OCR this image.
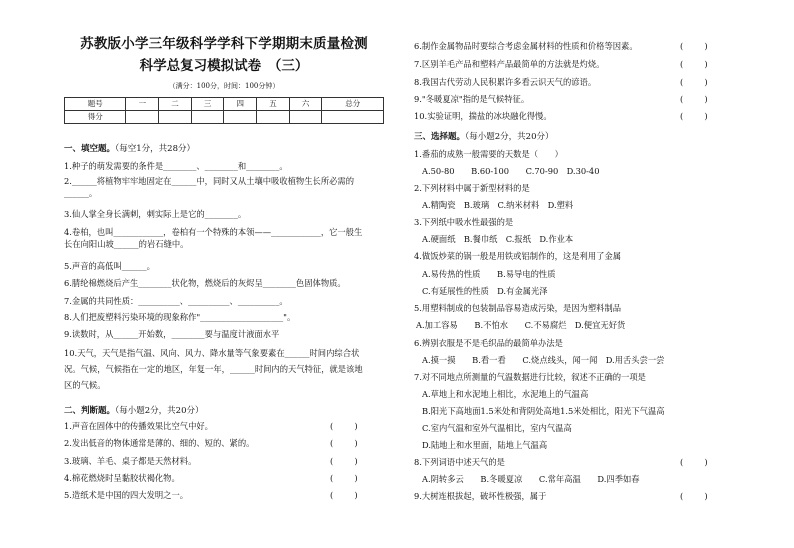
苏教版小学三年级科学学科下学期期末质量检测
科学总复习模拟试卷　（三）
（满分：100分，时间：100分钟）
题号	一	二	三	四	五	六	总分
得分							
一、填空题。（每空1分，共28分）
1.种子的萌发需要的条件是________、________和________。
2.______将植物牢牢地固定在______中，同时又从土壤中吸收植物生长所必需的______。
3.仙人掌全身长满刺，刺实际上是它的________。
4.卷柏，也叫____________，卷柏有一个特殊的本领——____________，它一般生长在向阳山坡______的岩石缝中。
5.声音的高低叫______。
6.腈纶棉燃烧后产生________状化物，燃烧后的灰烬呈________色固体物质。
7.金属的共同性质：__________、__________、__________。
8.人们把废塑料污染环境的现象称作"____________________"。
9.读数时，从______开始数，________要与温度计液面水平
10.天气，天气是指气温、风向、风力、降水量等气象要素在______时间内综合状况。气候，气候指在一定的地区，年复一年，______时间内的天气特征，就是该地区的气候。
二、判断题。（每小题2分，共20分）
1.声音在固体中的传播效果比空气中好。	(        )
2.发出低音的物体通常是薄的、细的、短的、紧的。	(        )
3.玻璃、羊毛、桌子都是天然材料。	(        )
4.棉花燃烧时呈黏胶状褐化物。	(        )
5.造纸术是中国的四大发明之一。	(        )
6.制作金属物品时要综合考虑金属材料的性质和价格等因素。	(        )
7.区别羊毛产品和塑料产品最简单的方法就是灼烧。	(        )
8.我国古代劳动人民积累许多看云识天气的谚语。	(        )
9."冬暖夏凉"指的是气候特征。	(        )
10.实验证明，揣盐的冰块融化得慢。	(        )
三、选择题。（每小题2分，共20分）
1.番茄的成熟一般需要的天数是（　　）
A.50-80　　B.60-100　　C.70-90　D.30-40
2.下列材料中属于新型材料的是
A.精陶瓷　B.玻璃　C.纳米材料　D.塑料
3.下列纸中吸水性最强的是
A.硬面纸　B.餐巾纸　C.报纸　D.作业本
4.做饭炒菜的锅一般是用铁或铝制作的，这是利用了金属
A.易传热的性质　　B.易导电的性质
C.有延展性的性质　D.有金属光泽
5.用塑料制成的包装制品容易造成污染，是因为塑料制品
A.加工容易　　B.不怕水　　C.不易腐烂　D.便宜无好货
6.辨别衣服是不是毛织品的最简单办法是
A.摸一摸　　B.看一看　　C.烧点线头，闻一闻　D.用舌头尝一尝
7.对不同地点所测量的气温数据进行比较，叙述不正确的一项是
A.草地上和水泥地上相比，水泥地上的气温高
B.阳光下高地面1.5米处和背阴处高地1.5米处相比，阳光下气温高
C.室内气温和室外气温相比，室内气温高
D.陆地上和水里面，陆地上气温高
8.下列词语中述天气的是	(        )
A.阴转多云　　B.冬暖夏凉　　C.常年高温　　D.四季如春
9.大树连根拔起，破坏性极强，属于	(        )
